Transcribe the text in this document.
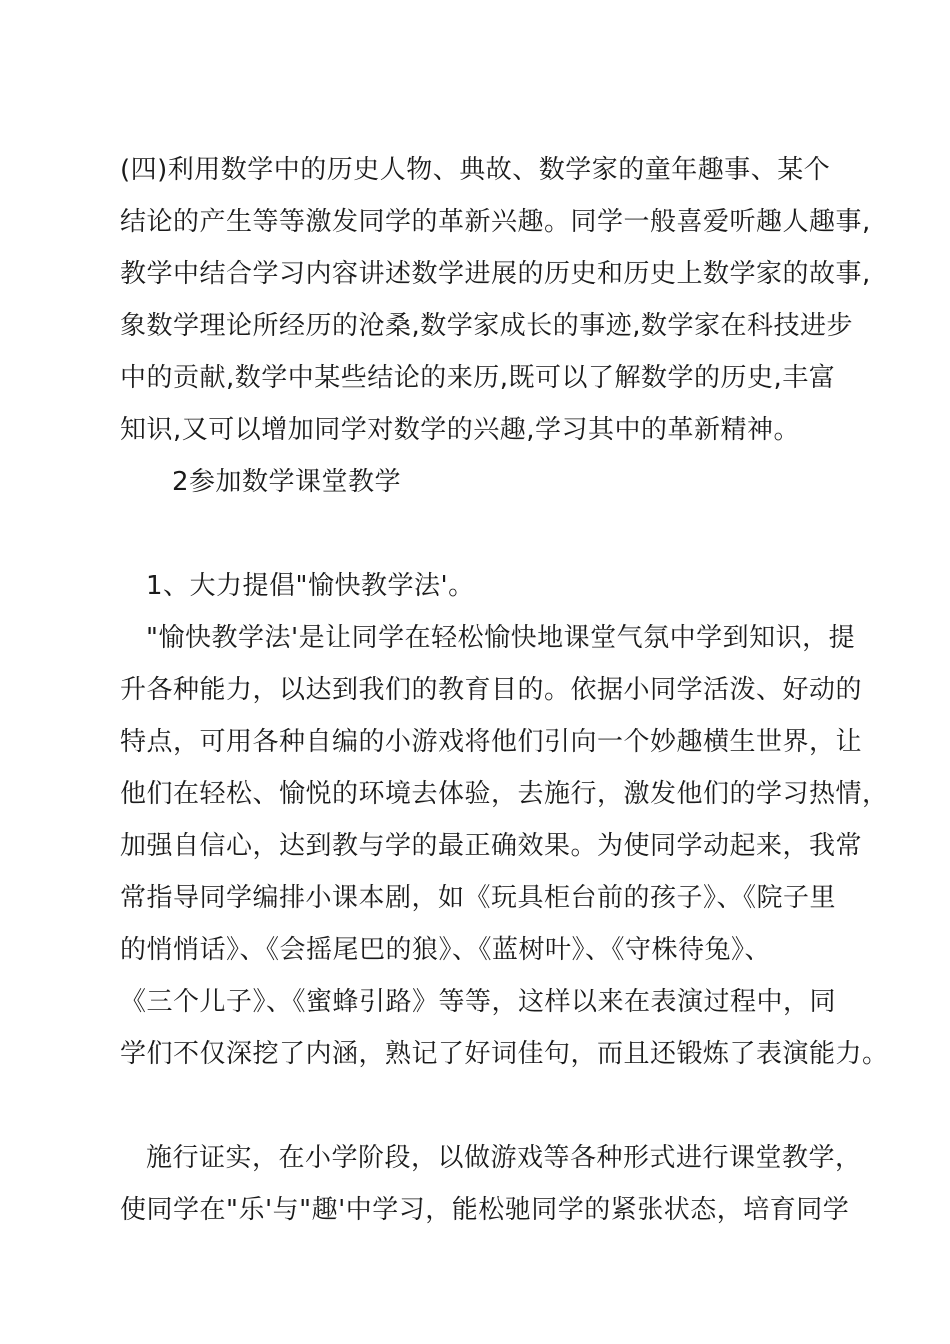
(四)利用数学中的历史人物、典故、数学家的童年趣事、某个
结论的产生等等激发同学的革新兴趣。同学一般喜爱听趣人趣事,
教学中结合学习内容讲述数学进展的历史和历史上数学家的故事,
象数学理论所经历的沧桑,数学家成长的事迹,数学家在科技进步
中的贡献,数学中某些结论的来历,既可以了解数学的历史,丰富
知识,又可以增加同学对数学的兴趣,学习其中的革新精神。
2参加数学课堂教学
1、大力提倡"愉快教学法'。
"愉快教学法'是让同学在轻松愉快地课堂气氛中学到知识，提
升各种能力，以达到我们的教育目的。依据小同学活泼、好动的
特点，可用各种自编的小游戏将他们引向一个妙趣横生世界，让
他们在轻松、愉悦的环境去体验，去施行，激发他们的学习热情，
加强自信心，达到教与学的最正确效果。为使同学动起来，我常
常指导同学编排小课本剧，如《玩具柜台前的孩子》、《院子里
的悄悄话》、《会摇尾巴的狼》、《蓝树叶》、《守株待兔》、
《三个儿子》、《蜜蜂引路》等等，这样以来在表演过程中，同
学们不仅深挖了内涵，熟记了好词佳句，而且还锻炼了表演能力。
施行证实，在小学阶段，以做游戏等各种形式进行课堂教学，
使同学在"乐'与"趣'中学习，能松驰同学的紧张状态，培育同学
